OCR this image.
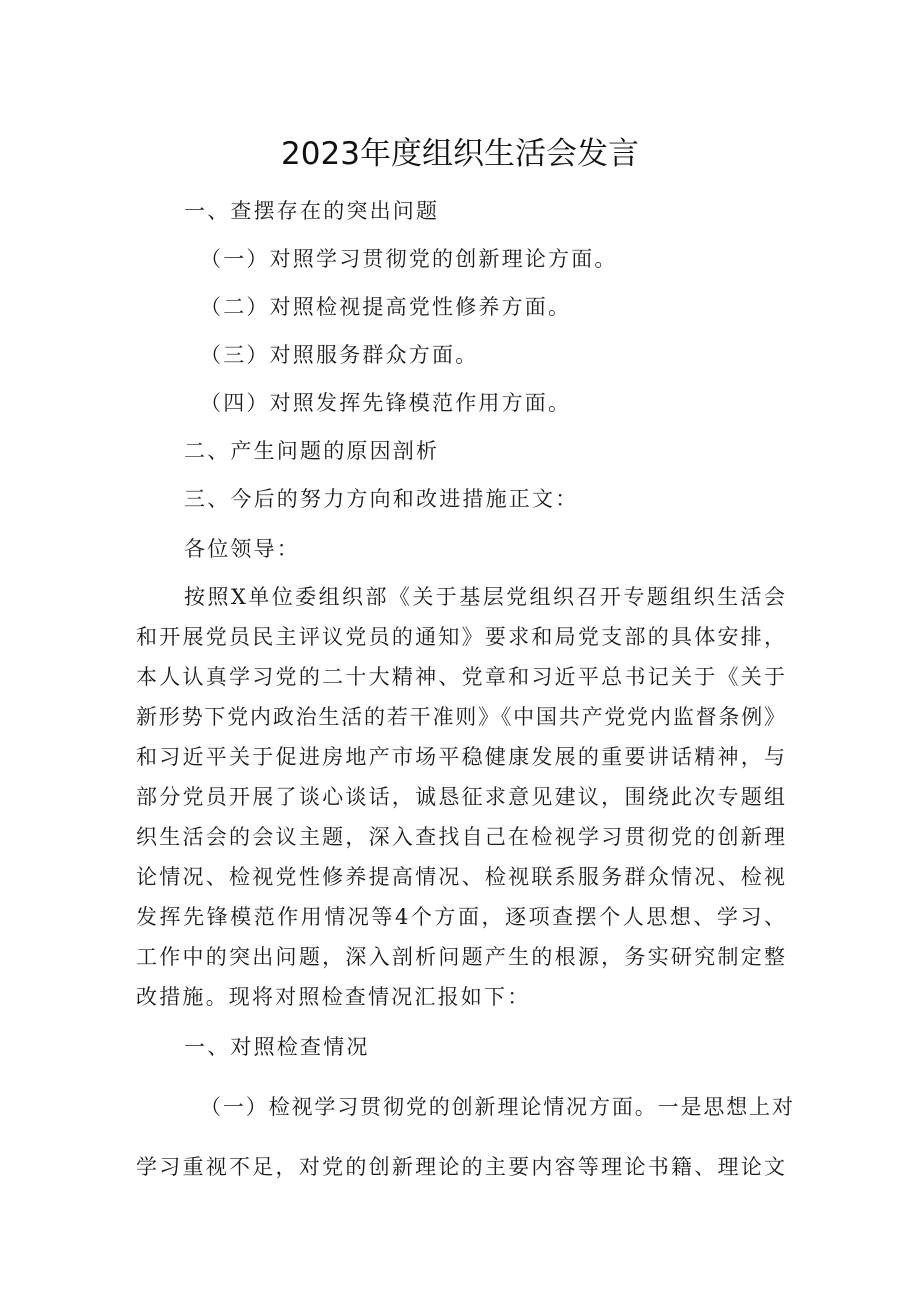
2023年度组织生活会发言
一、查摆存在的突出问题
（一）对照学习贯彻党的创新理论方面。
（二）对照检视提高党性修养方面。
（三）对照服务群众方面。
（四）对照发挥先锋模范作用方面。
二、产生问题的原因剖析
三、今后的努力方向和改进措施正文：
各位领导：
按照X单位委组织部《关于基层党组织召开专题组织生活会
和开展党员民主评议党员的通知》要求和局党支部的具体安排，
本人认真学习党的二十大精神、党章和习近平总书记关于《关于
新形势下党内政治生活的若干准则》《中国共产党党内监督条例》
和习近平关于促进房地产市场平稳健康发展的重要讲话精神，与
部分党员开展了谈心谈话，诚恳征求意见建议，围绕此次专题组
织生活会的会议主题，深入查找自己在检视学习贯彻党的创新理
论情况、检视党性修养提高情况、检视联系服务群众情况、检视
发挥先锋模范作用情况等4个方面，逐项查摆个人思想、学习、
工作中的突出问题，深入剖析问题产生的根源，务实研究制定整
改措施。现将对照检查情况汇报如下：
一、对照检查情况
（一）检视学习贯彻党的创新理论情况方面。一是思想上对
学习重视不足，对党的创新理论的主要内容等理论书籍、理论文
